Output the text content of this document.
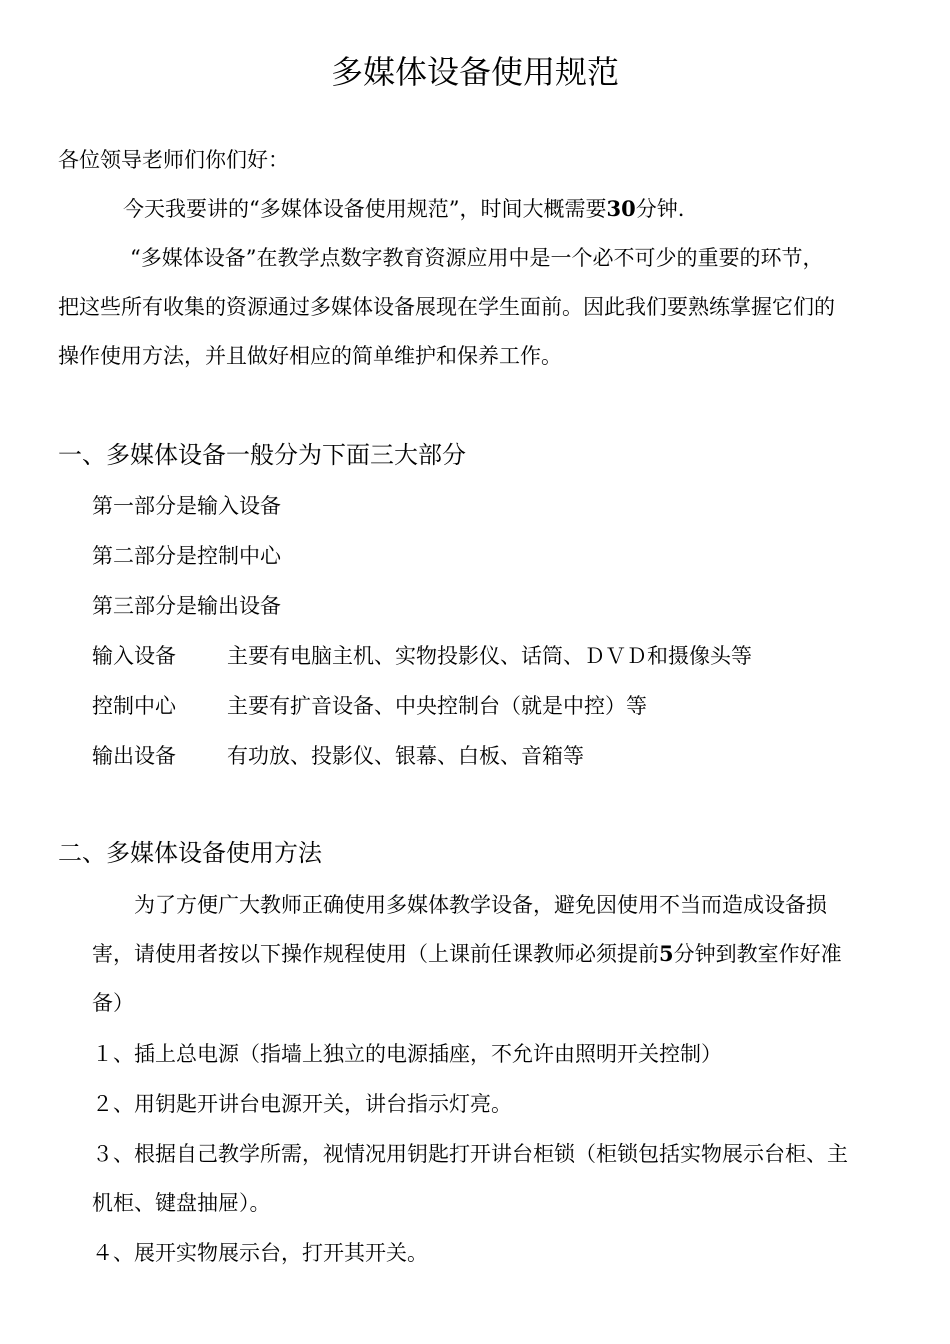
多媒体设备使用规范

各位领导老师们你们好：

今天我要讲的“多媒体设备使用规范”，时间大概需要30分钟.

“多媒体设备”在教学点数字教育资源应用中是一个必不可少的重要的环节，

把这些所有收集的资源通过多媒体设备展现在学生面前。因此我们要熟练掌握它们的

操作使用方法，并且做好相应的简单维护和保养工作。

一、多媒体设备一般分为下面三大部分

第一部分是输入设备

第二部分是控制中心

第三部分是输出设备

输入设备 主要有电脑主机、实物投影仪、话筒、ＤＶＤ和摄像头等

控制中心 主要有扩音设备、中央控制台（就是中控）等

输出设备 有功放、投影仪、银幕、白板、音箱等

二、多媒体设备使用方法

为了方便广大教师正确使用多媒体教学设备，避免因使用不当而造成设备损

害，请使用者按以下操作规程使用（上课前任课教师必须提前5分钟到教室作好准

备）

１、插上总电源（指墙上独立的电源插座，不允许由照明开关控制）

２、用钥匙开讲台电源开关，讲台指示灯亮。

３、根据自己教学所需，视情况用钥匙打开讲台柜锁（柜锁包括实物展示台柜、主

机柜、键盘抽屉）。

４、展开实物展示台，打开其开关。
